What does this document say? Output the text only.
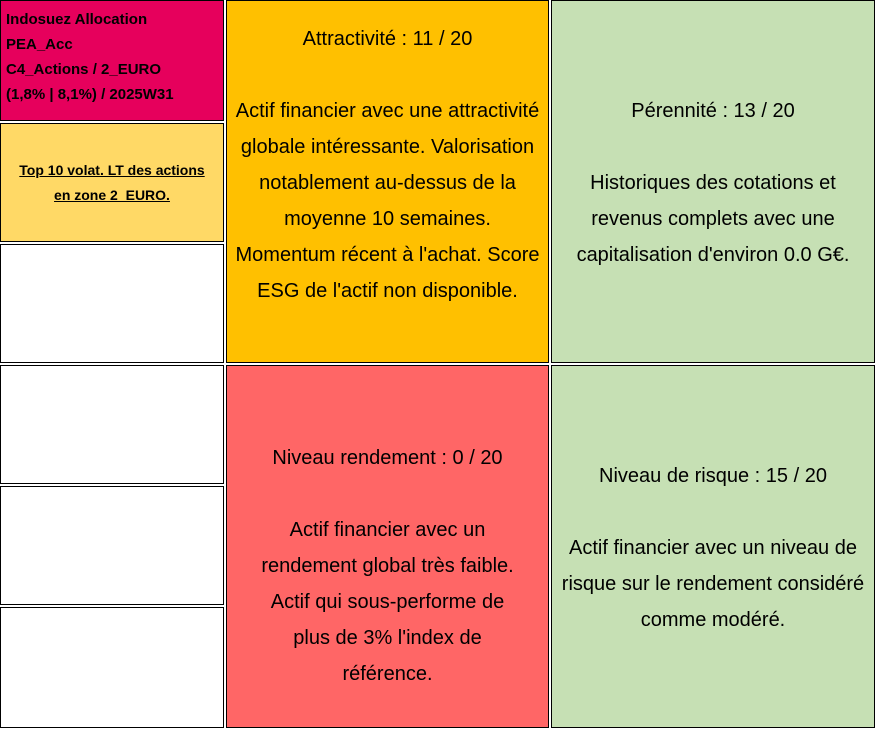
Indosuez Allocation
PEA_Acc
C4_Actions / 2_EURO
(1,8% | 8,1%) / 2025W31
Top 10 volat. LT des actions
en zone 2_EURO.
Attractivité : 11 / 20
Actif financier avec une attractivité globale intéressante. Valorisation notablement au-dessus de la moyenne 10 semaines. Momentum récent à l'achat. Score ESG de l'actif non disponible.
Pérennité : 13 / 20
Historiques des cotations et revenus complets avec une capitalisation d'environ 0.0 G€.
Niveau rendement : 0 / 20
Actif financier avec un rendement global très faible. Actif qui sous-performe de plus de 3% l'index de référence.
Niveau de risque : 15 / 20
Actif financier avec un niveau de risque sur le rendement considéré comme modéré.
